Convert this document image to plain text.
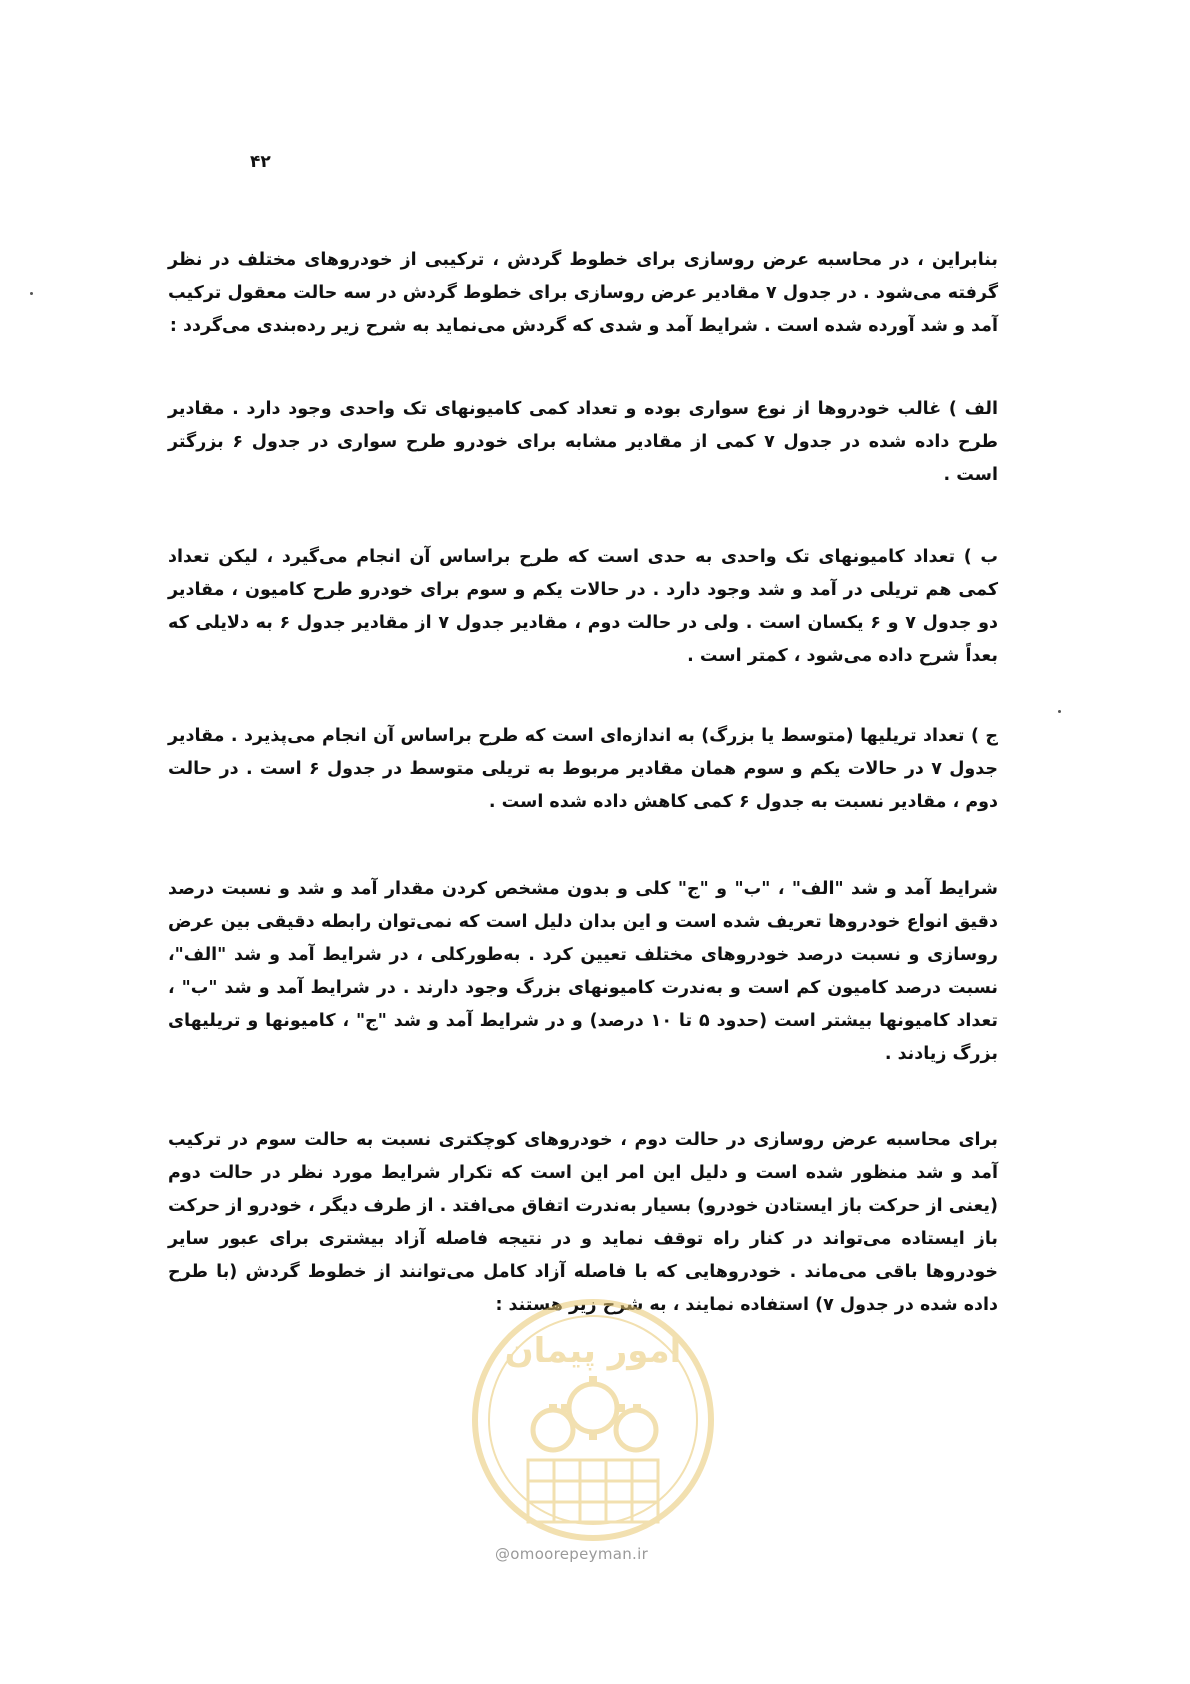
۴۲
بنابراین ، در محاسبه عرض روسازی برای خطوط گردش ، ترکیبی از خودروهای مختلف در نظر گرفته می‌شود . در جدول ۷ مقادیر عرض روسازی برای خطوط گردش در سه حالت معقول ترکیب آمد و شد آورده شده است . شرایط آمد و شدی که گردش می‌نماید به شرح زیر رده‌بندی می‌گردد :
الف ) غالب خودروها از نوع سواری بوده و تعداد کمی کامیونهای تک واحدی وجود دارد . مقادیر طرح داده شده در جدول ۷ کمی از مقادیر مشابه برای خودرو طرح سواری در جدول ۶ بزرگتر است .
ب ) تعداد کامیونهای تک واحدی به حدی است که طرح براساس آن انجام می‌گیرد ، لیکن تعداد کمی هم تریلی در آمد و شد وجود دارد . در حالات یکم و سوم برای خودرو طرح کامیون ، مقادیر دو جدول ۷ و ۶ یکسان است . ولی در حالت دوم ، مقادیر جدول ۷ از مقادیر جدول ۶ به دلایلی که بعداً شرح داده می‌شود ، کمتر است .
ج ) تعداد تریلیها (متوسط یا بزرگ) به اندازه‌ای است که طرح براساس آن انجام می‌پذیرد . مقادیر جدول ۷ در حالات یکم و سوم همان مقادیر مربوط به تریلی متوسط در جدول ۶ است . در حالت دوم ، مقادیر نسبت به جدول ۶ کمی کاهش داده شده است .
شرایط آمد و شد "الف" ، "ب" و "ج" کلی و بدون مشخص کردن مقدار آمد و شد و نسبت درصد دقیق انواع خودروها تعریف شده است و این بدان دلیل است که نمی‌توان رابطه دقیقی بین عرض روسازی و نسبت درصد خودروهای مختلف تعیین کرد . به‌طورکلی ، در شرایط آمد و شد "الف"، نسبت درصد کامیون کم است و به‌ندرت کامیونهای بزرگ وجود دارند . در شرایط آمد و شد "ب" ، تعداد کامیونها بیشتر است (حدود ۵ تا ۱۰ درصد) و در شرایط آمد و شد "ج" ، کامیونها و تریلیهای بزرگ زیادند .
برای محاسبه عرض روسازی در حالت دوم ، خودروهای کوچکتری نسبت به حالت سوم در ترکیب آمد و شد منظور شده است و دلیل این امر این است که تکرار شرایط مورد نظر در حالت دوم (یعنی از حرکت باز ایستادن خودرو) بسیار به‌ندرت اتفاق می‌افتد . از طرف دیگر ، خودرو از حرکت باز ایستاده می‌تواند در کنار راه توقف نماید و در نتیجه فاصله آزاد بیشتری برای عبور سایر خودروها باقی می‌ماند . خودروهایی که با فاصله آزاد کامل می‌توانند از خطوط گردش (با طرح داده شده در جدول ۷) استفاده نمایند ، به شرح زیر هستند :
امور پیمان
@omoorepeyman.ir
